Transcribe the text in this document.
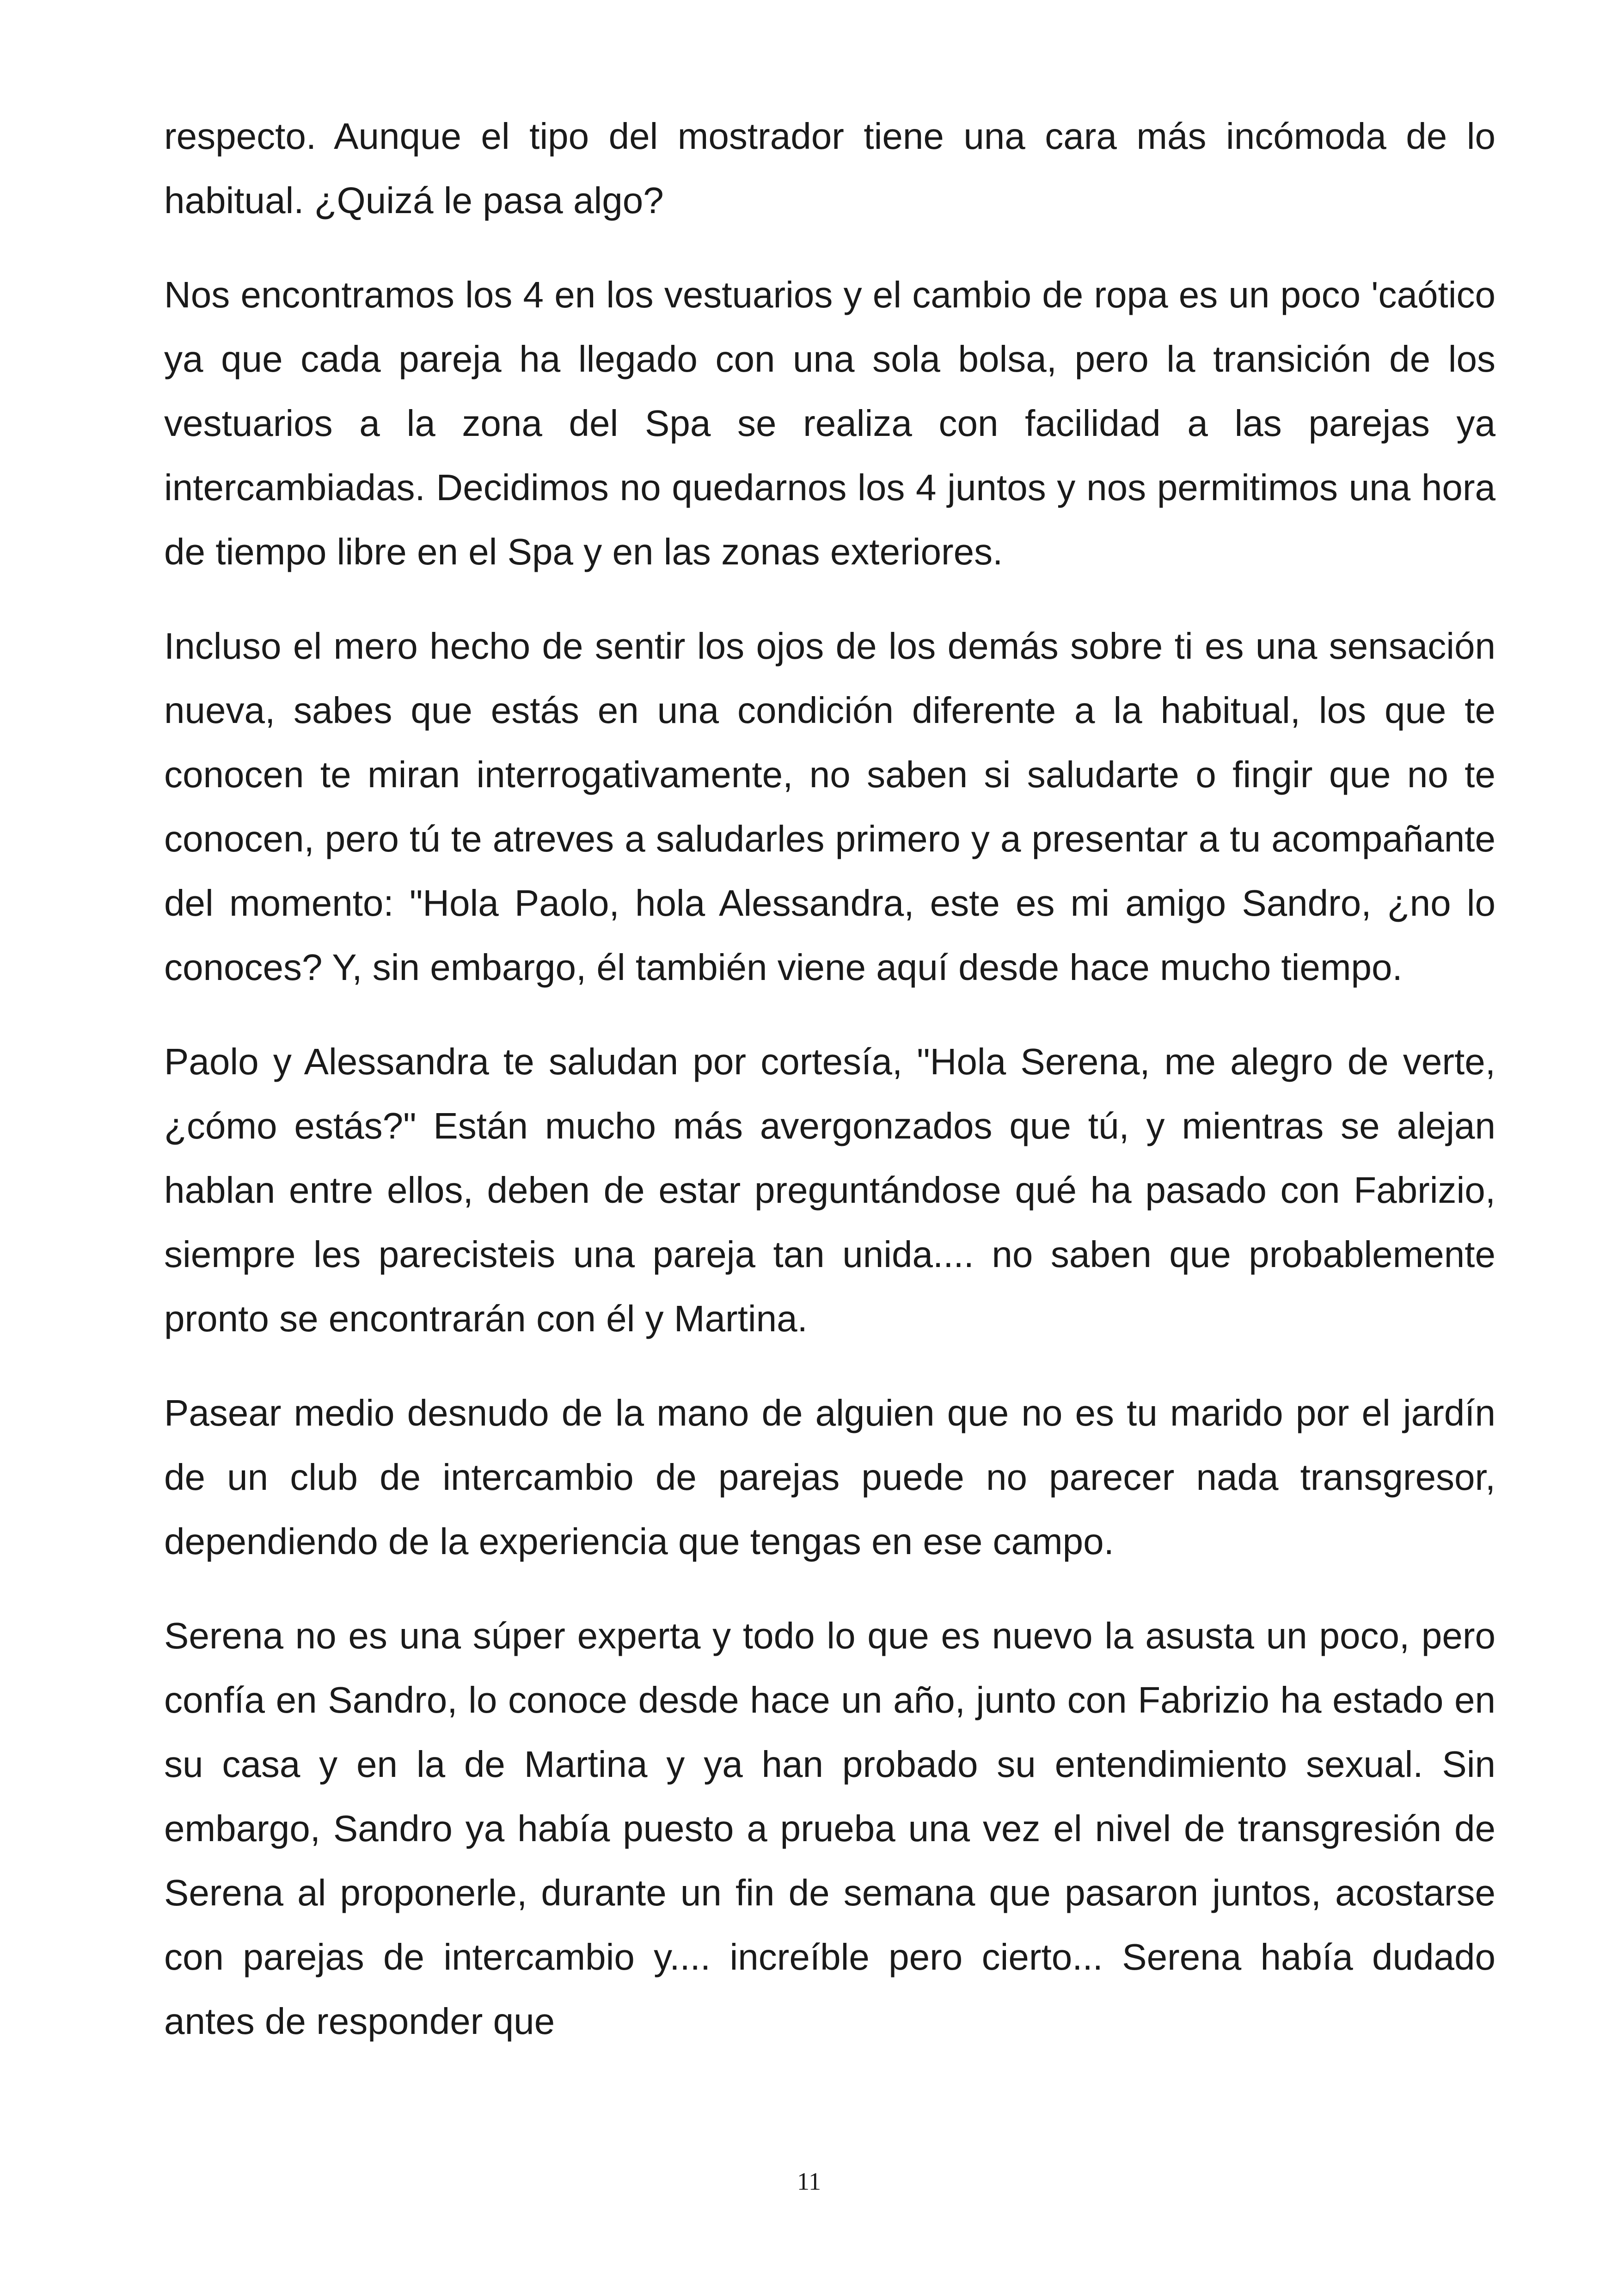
respecto. Aunque el tipo del mostrador tiene una cara más incómoda de lo habitual. ¿Quizá le pasa algo?

Nos encontramos los 4 en los vestuarios y el cambio de ropa es un poco 'caótico ya que cada pareja ha llegado con una sola bolsa, pero la transición de los vestuarios a la zona del Spa se realiza con facilidad a las parejas ya intercambiadas. Decidimos no quedarnos los 4 juntos y nos permitimos una hora de tiempo libre en el Spa y en las zonas exteriores.

Incluso el mero hecho de sentir los ojos de los demás sobre ti es una sensación nueva, sabes que estás en una condición diferente a la habitual, los que te conocen te miran interrogativamente, no saben si saludarte o fingir que no te conocen, pero tú te atreves a saludarles primero y a presentar a tu acompañante del momento: "Hola Paolo, hola Alessandra, este es mi amigo Sandro, ¿no lo conoces? Y, sin embargo, él también viene aquí desde hace mucho tiempo.

Paolo y Alessandra te saludan por cortesía, "Hola Serena, me alegro de verte, ¿cómo estás?" Están mucho más avergonzados que tú, y mientras se alejan hablan entre ellos, deben de estar preguntándose qué ha pasado con Fabrizio, siempre les parecisteis una pareja tan unida.... no saben que probablemente pronto se encontrarán con él y Martina.

Pasear medio desnudo de la mano de alguien que no es tu marido por el jardín de un club de intercambio de parejas puede no parecer nada transgresor, dependiendo de la experiencia que tengas en ese campo.

Serena no es una súper experta y todo lo que es nuevo la asusta un poco, pero confía en Sandro, lo conoce desde hace un año, junto con Fabrizio ha estado en su casa y en la de Martina y ya han probado su entendimiento sexual. Sin embargo, Sandro ya había puesto a prueba una vez el nivel de transgresión de Serena al proponerle, durante un fin de semana que pasaron juntos, acostarse con parejas de intercambio y.... increíble pero cierto... Serena había dudado antes de responder que

11
